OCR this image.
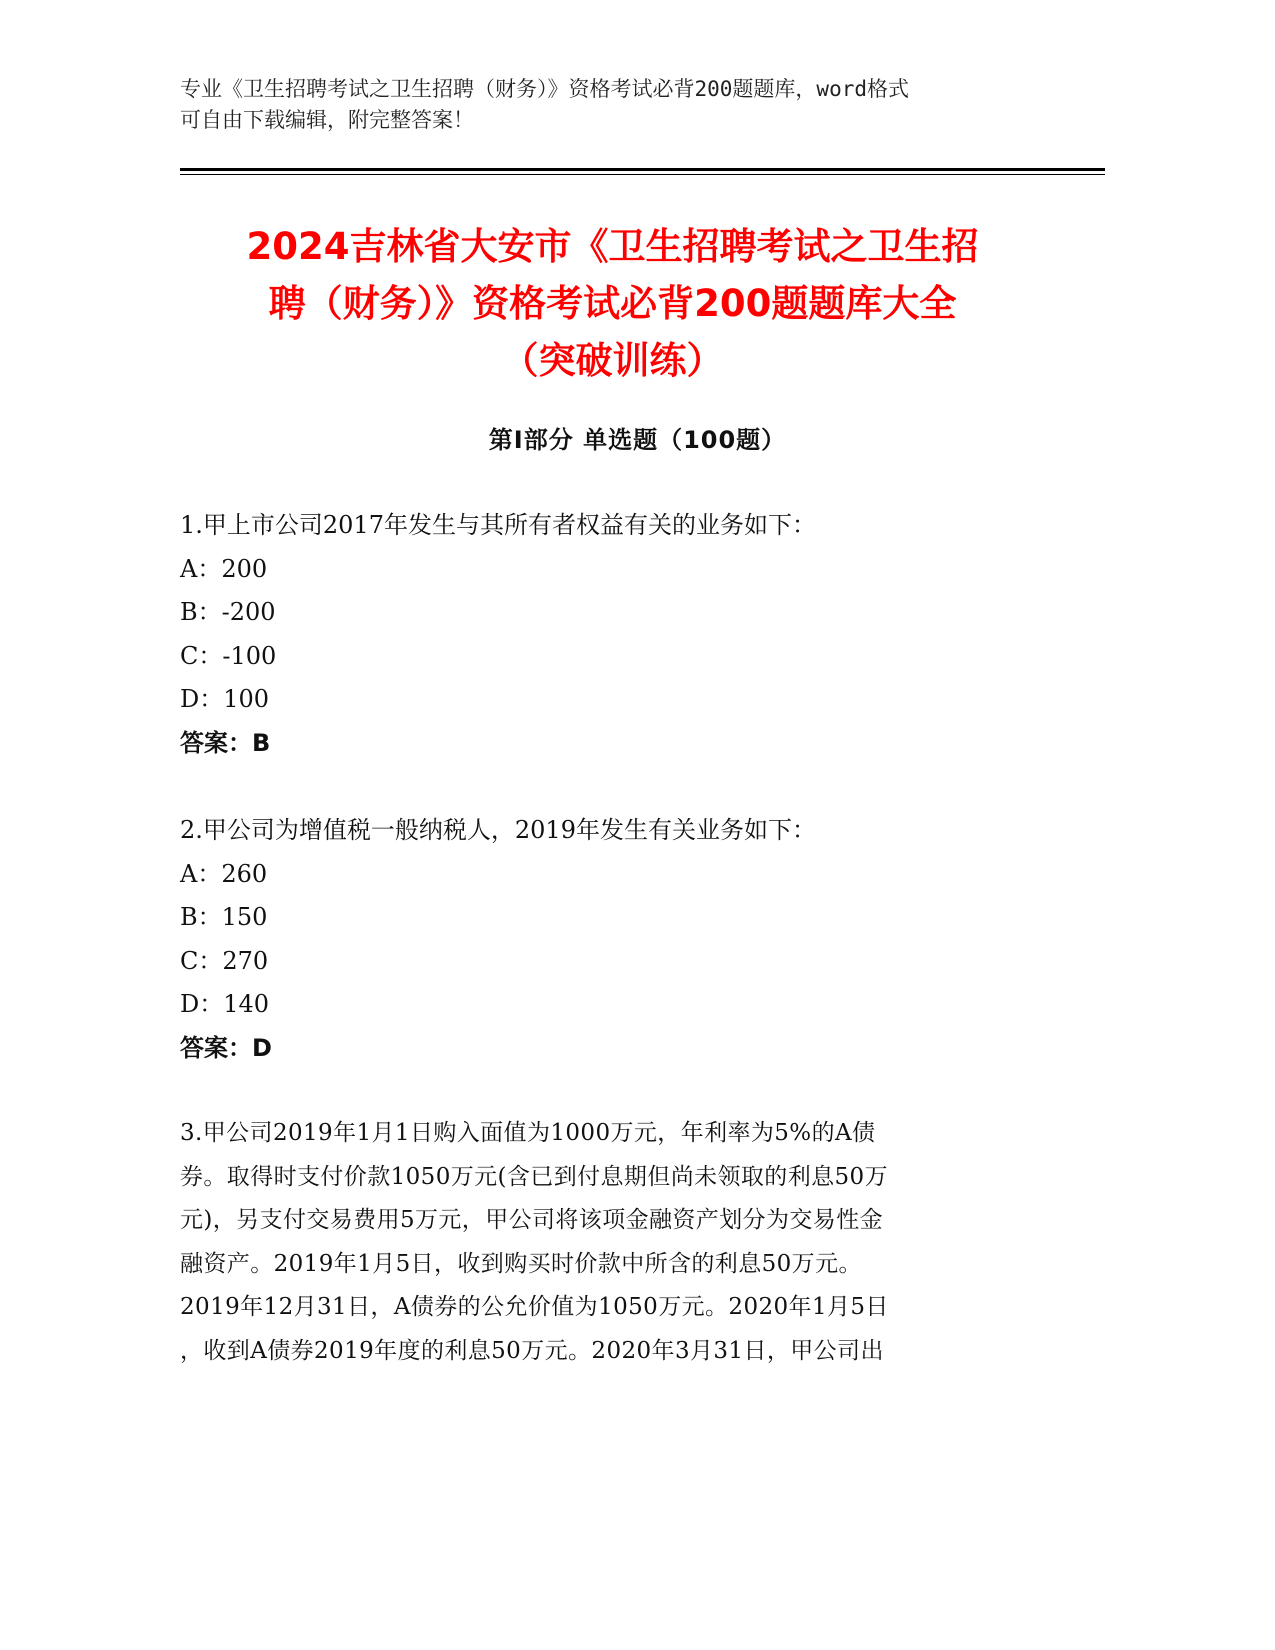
专业《卫生招聘考试之卫生招聘（财务）》资格考试必背200题题库，word格式
可自由下载编辑，附完整答案！
2024吉林省大安市《卫生招聘考试之卫生招
聘（财务）》资格考试必背200题题库大全
（突破训练）
第Ⅰ部分 单选题（100题）
1.甲上市公司2017年发生与其所有者权益有关的业务如下：
A：200
B：-200
C：-100
D：100
答案：B
2.甲公司为增值税一般纳税人，2019年发生有关业务如下：
A：260
B：150
C：270
D：140
答案：D
3.甲公司2019年1月1日购入面值为1000万元，年利率为5%的A债
券。取得时支付价款1050万元(含已到付息期但尚未领取的利息50万
元)，另支付交易费用5万元，甲公司将该项金融资产划分为交易性金
融资产。2019年1月5日，收到购买时价款中所含的利息50万元。
2019年12月31日，A债券的公允价值为1050万元。2020年1月5日
，收到A债券2019年度的利息50万元。2020年3月31日，甲公司出
